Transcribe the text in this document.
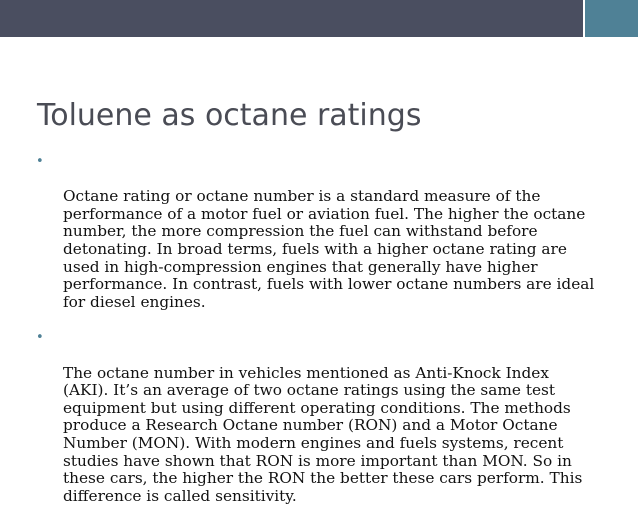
Toluene as octane ratings

•

Octane rating or octane number is a standard measure of the
performance of a motor fuel or aviation fuel. The higher the octane
number, the more compression the fuel can withstand before
detonating. In broad terms, fuels with a higher octane rating are
used in high-compression engines that generally have higher
performance. In contrast, fuels with lower octane numbers are ideal
for diesel engines.

•

The octane number in vehicles mentioned as Anti-Knock Index
(AKI). It’s an average of two octane ratings using the same test
equipment but using different operating conditions. The methods
produce a Research Octane number (RON) and a Motor Octane
Number (MON). With modern engines and fuels systems, recent
studies have shown that RON is more important than MON. So in
these cars, the higher the RON the better these cars perform. This
difference is called sensitivity.
